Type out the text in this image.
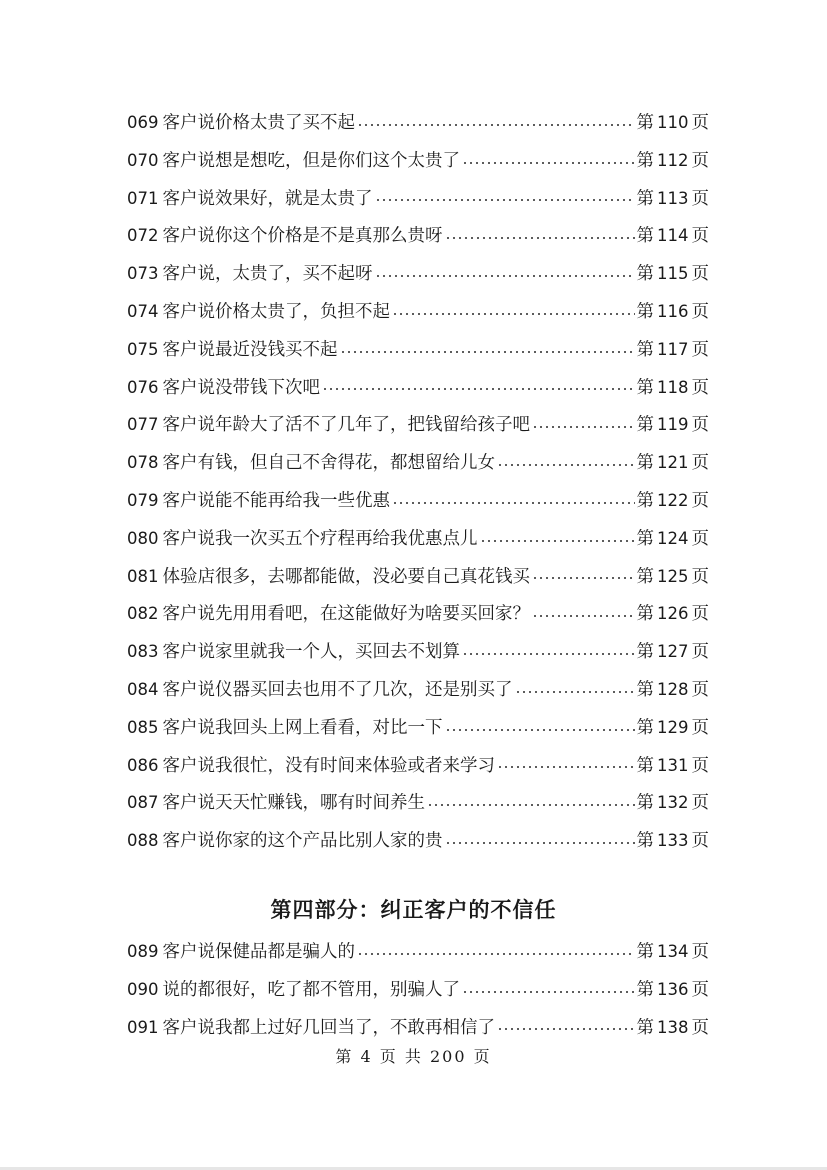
069 客户说价格太贵了买不起	第 110 页
070 客户说想是想吃，但是你们这个太贵了	第 112 页
071 客户说效果好，就是太贵了	第 113 页
072 客户说你这个价格是不是真那么贵呀	第 114 页
073 客户说，太贵了，买不起呀	第 115 页
074 客户说价格太贵了，负担不起	第 116 页
075 客户说最近没钱买不起	第 117 页
076 客户说没带钱下次吧	第 118 页
077 客户说年龄大了活不了几年了，把钱留给孩子吧	第 119 页
078 客户有钱，但自己不舍得花，都想留给儿女	第 121 页
079 客户说能不能再给我一些优惠	第 122 页
080 客户说我一次买五个疗程再给我优惠点儿	第 124 页
081 体验店很多，去哪都能做，没必要自己真花钱买	第 125 页
082 客户说先用用看吧，在这能做好为啥要买回家？	第 126 页
083 客户说家里就我一个人，买回去不划算	第 127 页
084 客户说仪器买回去也用不了几次，还是别买了	第 128 页
085 客户说我回头上网上看看，对比一下	第 129 页
086 客户说我很忙，没有时间来体验或者来学习	第 131 页
087 客户说天天忙赚钱，哪有时间养生	第 132 页
088 客户说你家的这个产品比别人家的贵	第 133 页
第四部分：纠正客户的不信任
089 客户说保健品都是骗人的	第 134 页
090 说的都很好，吃了都不管用，别骗人了	第 136 页
091 客户说我都上过好几回当了，不敢再相信了	第 138 页
第 4 页 共 200 页
